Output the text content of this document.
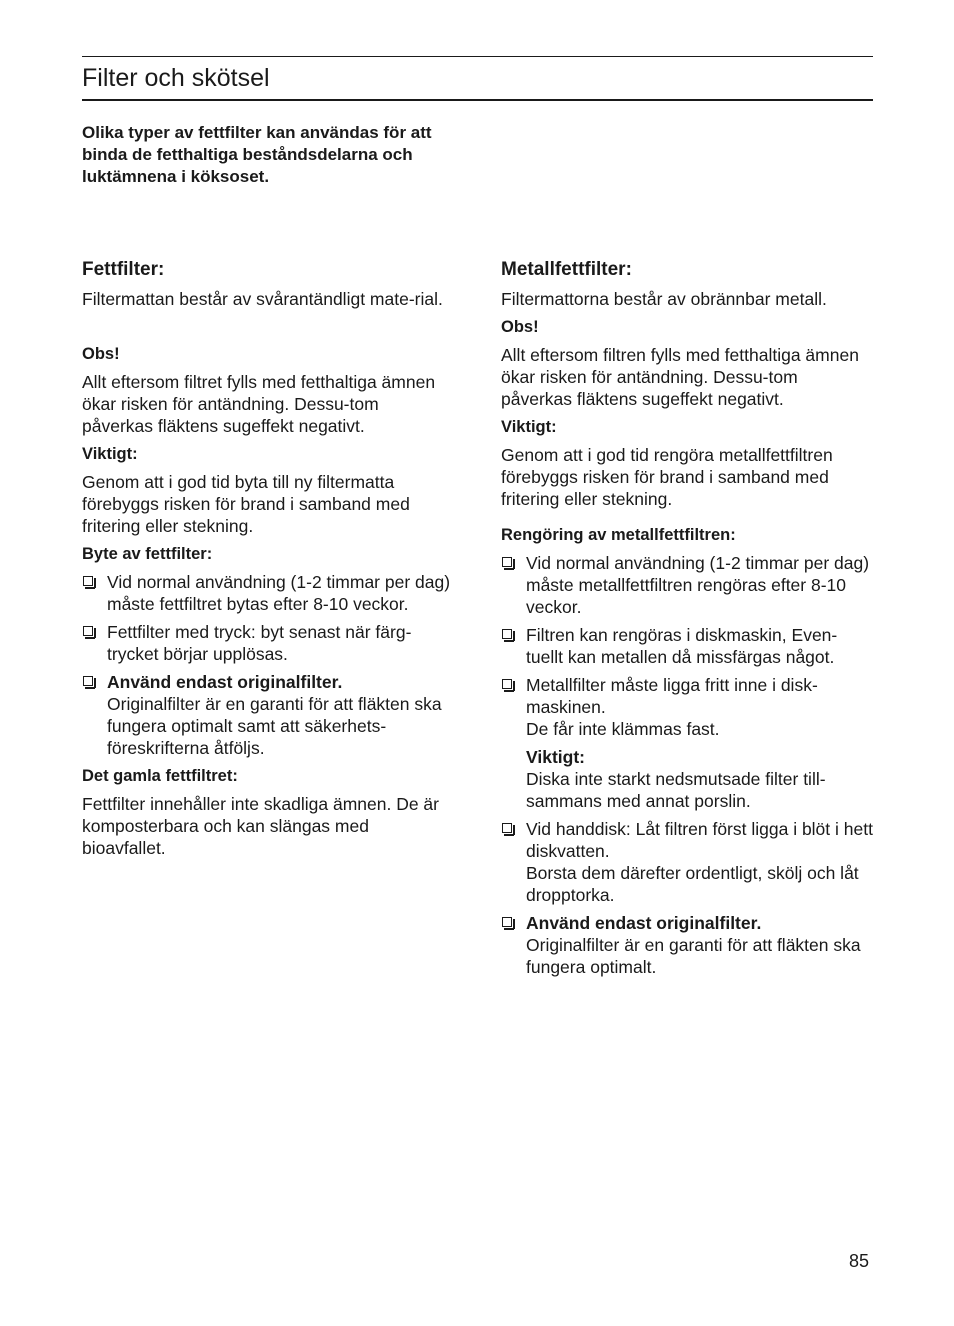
Filter och skötsel

Olika typer av fettfilter kan användas för att binda de fetthaltiga beståndsdelarna och luktämnena i köksoset.

Fettfilter:

Filtermattan består av svårantändligt mate-rial.

Obs!

Allt eftersom filtret fylls med fetthaltiga ämnen ökar risken för antändning. Dessu-tom påverkas fläktens sugeffekt negativt.

Viktigt:

Genom att i god tid byta till ny filtermatta förebyggs risken för brand i samband med fritering eller stekning.

Byte av fettfilter:

Vid normal användning (1-2 timmar per dag) måste fettfiltret bytas efter 8-10 veckor.
Fettfilter med tryck: byt senast när färg-trycket börjar upplösas.
Använd endast originalfilter.
Originalfilter är en garanti för att fläkten ska fungera optimalt samt att säkerhets-föreskrifterna åtföljs.

Det gamla fettfiltret:

Fettfilter innehåller inte skadliga ämnen. De är komposterbara och kan slängas med bioavfallet.

Metallfettfilter:

Filtermattorna består av obrännbar metall.

Obs!

Allt eftersom filtren fylls med fetthaltiga ämnen ökar risken för antändning. Dessu-tom påverkas fläktens sugeffekt negativt.

Viktigt:

Genom att i god tid rengöra metallfettfiltren förebyggs risken för brand i samband med fritering eller stekning.

Rengöring av metallfettfiltren:

Vid normal användning (1-2 timmar per dag) måste metallfettfiltren rengöras efter 8-10 veckor.
Filtren kan rengöras i diskmaskin, Even-tuellt kan metallen då missfärgas något.
Metallfilter måste ligga fritt inne i disk-maskinen.
De får inte klämmas fast.
Viktigt:
Diska inte starkt nedsmutsade filter till-sammans med annat porslin.
Vid handdisk: Låt filtren först ligga i blöt i hett diskvatten.
Borsta dem därefter ordentligt, skölj och låt dropptorka.
Använd endast originalfilter.
Originalfilter är en garanti för att fläkten ska fungera optimalt.
85
